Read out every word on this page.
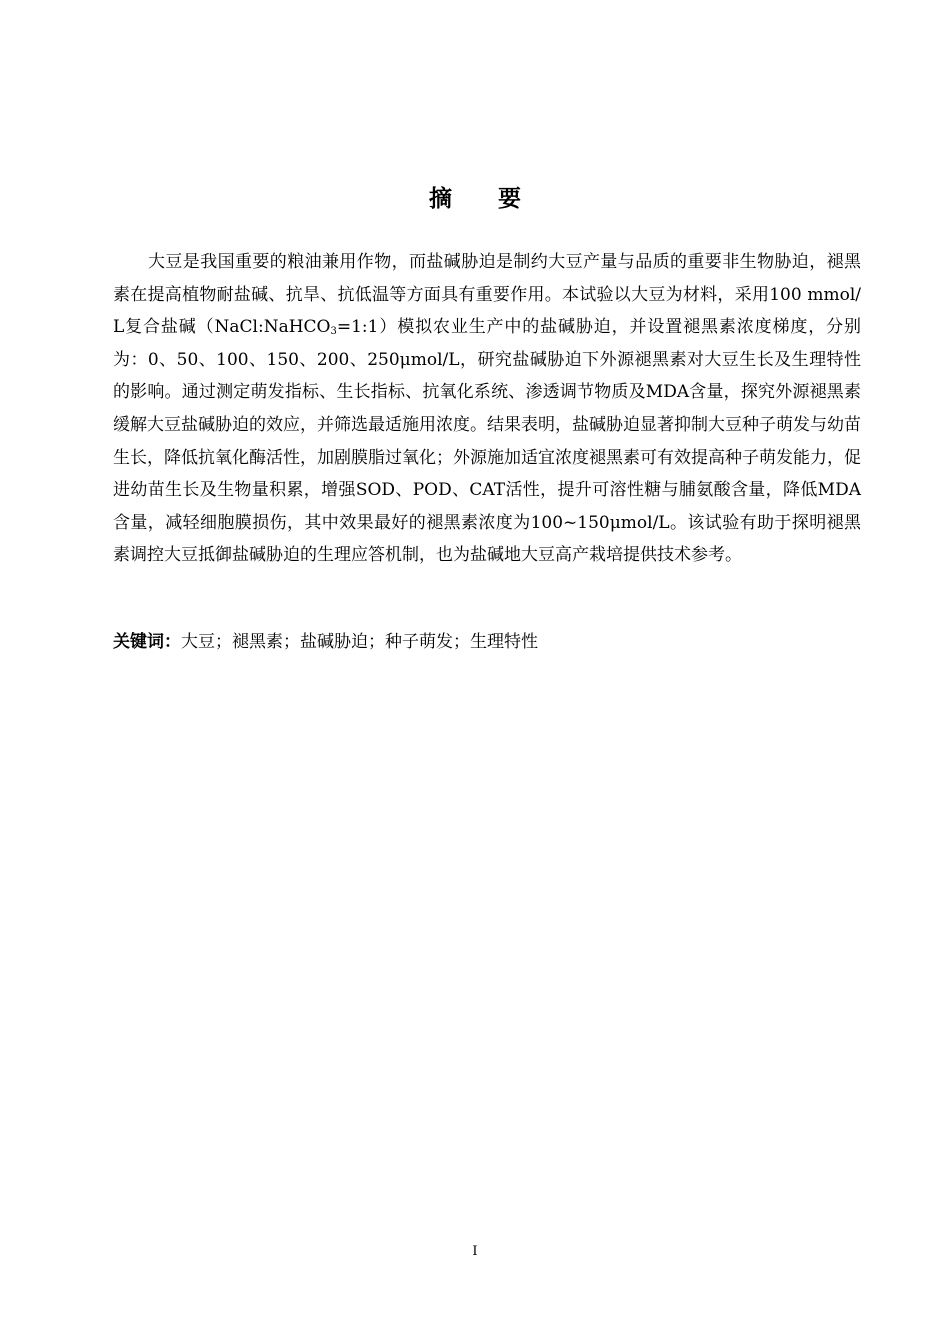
摘 要

大豆是我国重要的粮油兼用作物，而盐碱胁迫是制约大豆产量与品质的重要非生物胁迫，褪黑素在提高植物耐盐碱、抗旱、抗低温等方面具有重要作用。本试验以大豆为材料，采用100 mmol/L复合盐碱（NaCl:NaHCO$_3$=1:1）模拟农业生产中的盐碱胁迫，并设置褪黑素浓度梯度，分别为：0、50、100、150、200、250μmol/L，研究盐碱胁迫下外源褪黑素对大豆生长及生理特性的影响。通过测定萌发指标、生长指标、抗氧化系统、渗透调节物质及MDA含量，探究外源褪黑素缓解大豆盐碱胁迫的效应，并筛选最适施用浓度。结果表明，盐碱胁迫显著抑制大豆种子萌发与幼苗生长，降低抗氧化酶活性，加剧膜脂过氧化；外源施加适宜浓度褪黑素可有效提高种子萌发能力，促进幼苗生长及生物量积累，增强SOD、POD、CAT活性，提升可溶性糖与脯氨酸含量，降低MDA含量，减轻细胞膜损伤，其中效果最好的褪黑素浓度为100~150μmol/L。该试验有助于探明褪黑素调控大豆抵御盐碱胁迫的生理应答机制，也为盐碱地大豆高产栽培提供技术参考。

关键词：大豆；褪黑素；盐碱胁迫；种子萌发；生理特性

I
